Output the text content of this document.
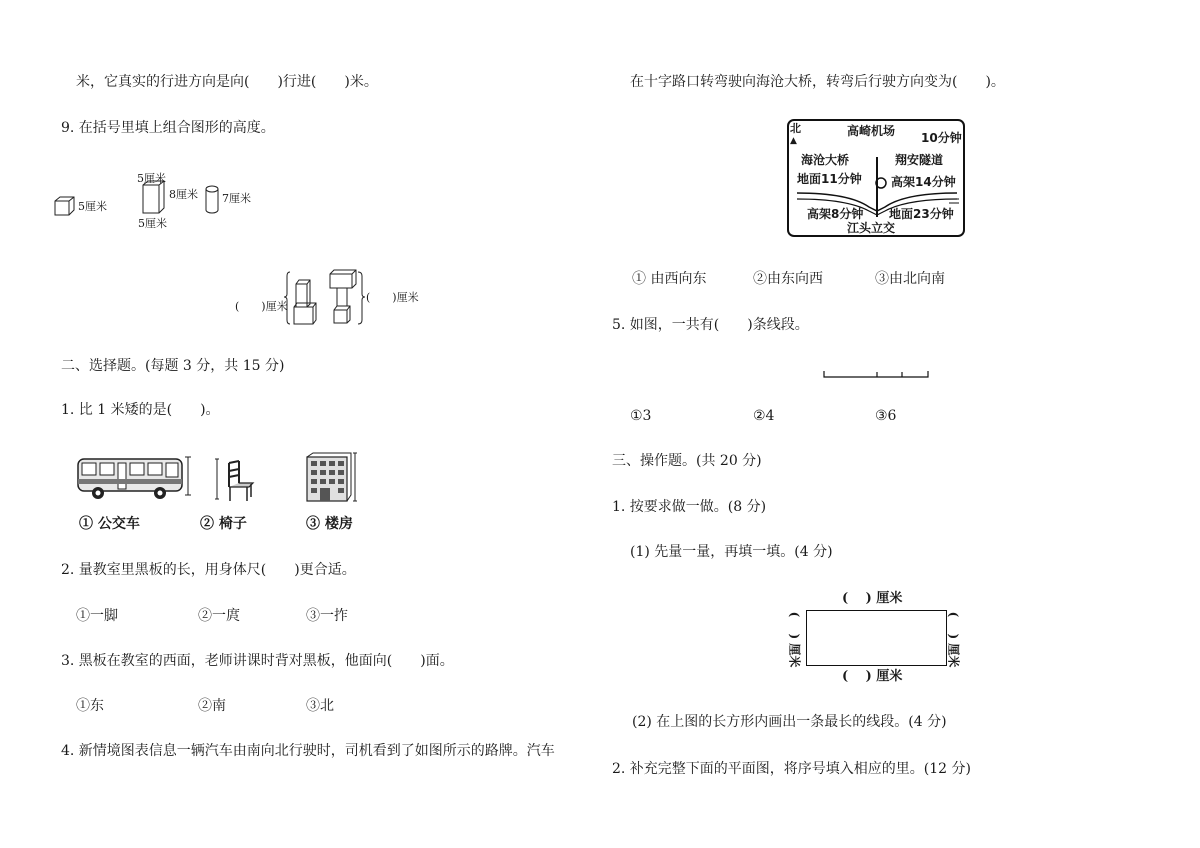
米，它真实的行进方向是向(　　)行进(　　)米。
9. 在括号里填上组合图形的高度。
5厘米
5厘米
8厘米
5厘米
7厘米
(　　)厘米
(　　)厘米
二、选择题。(每题 3 分，共 15 分)
1. 比 1 米矮的是(　　)。
① 公交车	② 椅子	③ 楼房
2. 量教室里黑板的长，用身体尺(　　)更合适。
①一脚	②一庹	③一拃
3. 黑板在教室的西面，老师讲课时背对黑板，他面向(　　)面。
①东	②南	③北
4. 新情境图表信息一辆汽车由南向北行驶时，司机看到了如图所示的路牌。汽车
在十字路口转弯驶向海沧大桥，转弯后行驶方向变为(　　)。
北
▲
高崎机场 10分钟
海沧大桥
地面11分钟
翔安隧道
高架14分钟
高架8分钟 地面23分钟
江头立交
① 由西向东	②由东向西	③由北向南
5. 如图，一共有(　　)条线段。
①3	②4	③6
三、操作题。(共 20 分)
1. 按要求做一做。(8 分)
(1) 先量一量，再填一填。(4 分)
(　 ) 厘米
(　 ) 厘米
(　 ) 厘米	(　 ) 厘米
(2) 在上图的长方形内画出一条最长的线段。(4 分)
2. 补充完整下面的平面图，将序号填入相应的里。(12 分)
